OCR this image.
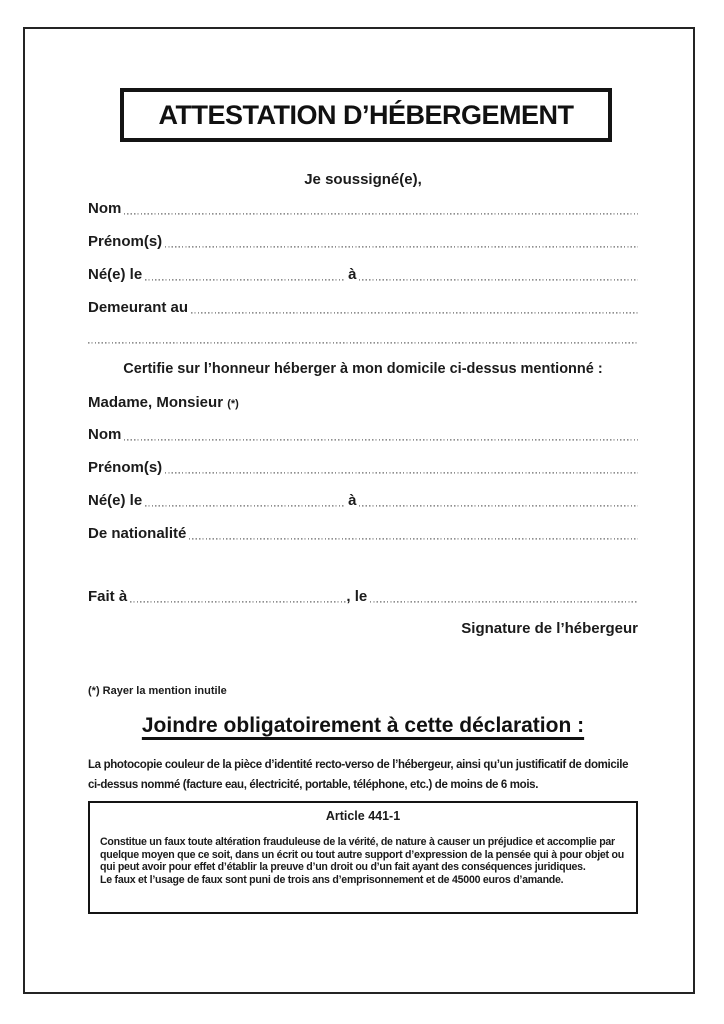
ATTESTATION D’HÉBERGEMENT
Je soussigné(e),
Nom
Prénom(s)
Né(e) le	à
Demeurant au
Certifie sur l’honneur héberger à mon domicile ci-dessus mentionné :
Madame, Monsieur (*)
Nom
Prénom(s)
Né(e) le	à
De nationalité
Fait à	, le
Signature de l’hébergeur
(*) Rayer la mention inutile
Joindre obligatoirement à cette déclaration :
La photocopie couleur de la pièce d’identité recto-verso de l’hébergeur, ainsi qu’un justificatif de domicile ci-dessus nommé (facture eau, électricité, portable, téléphone, etc.) de moins de 6 mois.
Article 441-1
Constitue un faux toute altération frauduleuse de la vérité, de nature à causer un préjudice et accomplie par quelque moyen que ce soit, dans un écrit ou tout autre support d’expression de la pensée qui à pour objet ou qui peut avoir pour effet d’établir la preuve d’un droit ou d’un fait ayant des conséquences juridiques.
Le faux et l’usage de faux sont puni de trois ans d’emprisonnement et de 45000 euros d’amande.
